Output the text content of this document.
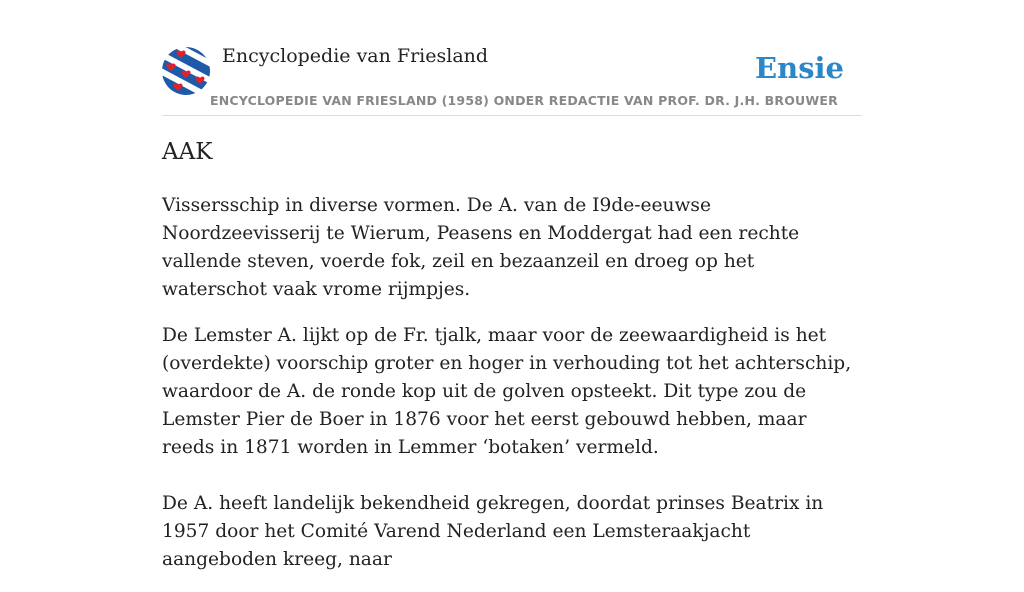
Encyclopedie van Friesland
ENCYCLOPEDIE VAN FRIESLAND (1958) ONDER REDACTIE VAN PROF. DR. J.H. BROUWER
Ensie
AAK

Vissersschip in diverse vormen. De A. van de I9de-eeuwse Noordzeevisserij te Wierum, Peasens en Moddergat had een rechte vallende steven, voerde fok, zeil en bezaanzeil en droeg op het waterschot vaak vrome rijmpjes.

De Lemster A. lijkt op de Fr. tjalk, maar voor de zeewaardigheid is het (overdekte) voorschip groter en hoger in verhouding tot het achterschip, waardoor de A. de ronde kop uit de golven opsteekt. Dit type zou de Lemster Pier de Boer in 1876 voor het eerst gebouwd hebben, maar reeds in 1871 worden in Lemmer ‘botaken’ vermeld.

De A. heeft landelijk bekendheid gekregen, doordat prinses Beatrix in 1957 door het Comité Varend Nederland een Lemsteraakjacht aangeboden kreeg, naar
